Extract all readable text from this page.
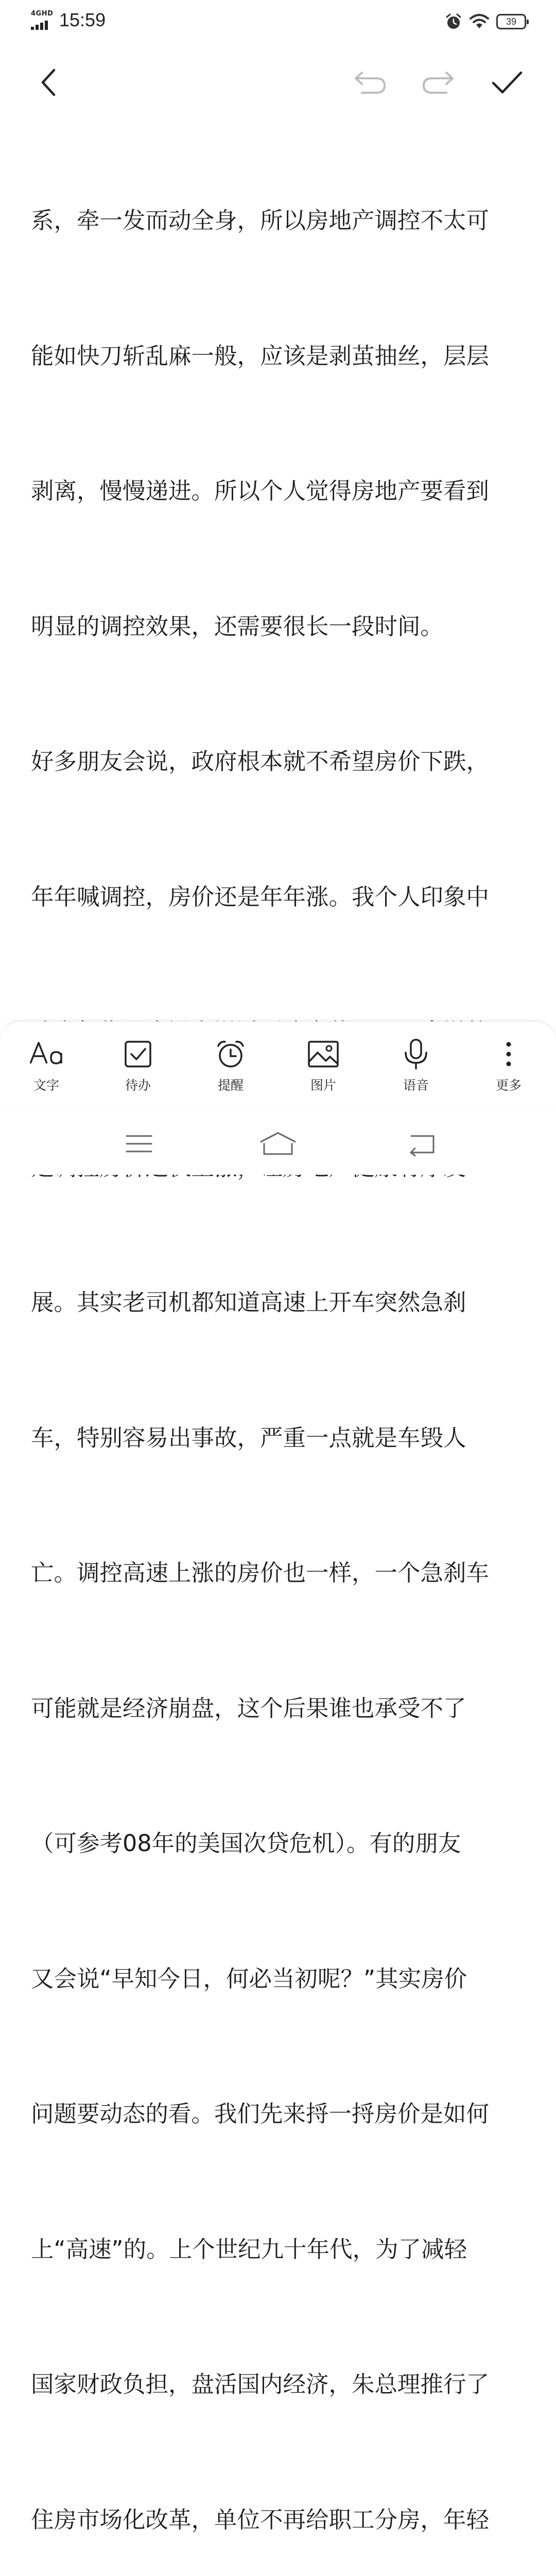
4GHD 15:59	39

系，牵一发而动全身，所以房地产调控不太可

能如快刀斩乱麻一般，应该是剥茧抽丝，层层

剥离，慢慢递进。所以个人觉得房地产要看到

明显的调控效果，还需要很长一段时间。

好多朋友会说，政府根本就不希望房价下跌，

年年喊调控，房价还是年年涨。我个人印象中

展。其实老司机都知道高速上开车突然急刹

车，特别容易出事故，严重一点就是车毁人

亡。调控高速上涨的房价也一样，一个急刹车

可能就是经济崩盘，这个后果谁也承受不了

（可参考08年的美国次贷危机）。有的朋友

又会说“早知今日，何必当初呢？”其实房价

问题要动态的看。我们先来捋一捋房价是如何

上“高速”的。上个世纪九十年代，为了减轻

国家财政负担，盘活国内经济，朱总理推行了

住房市场化改革，单位不再给职工分房，年轻

文字	待办	提醒	图片	语音	更多
